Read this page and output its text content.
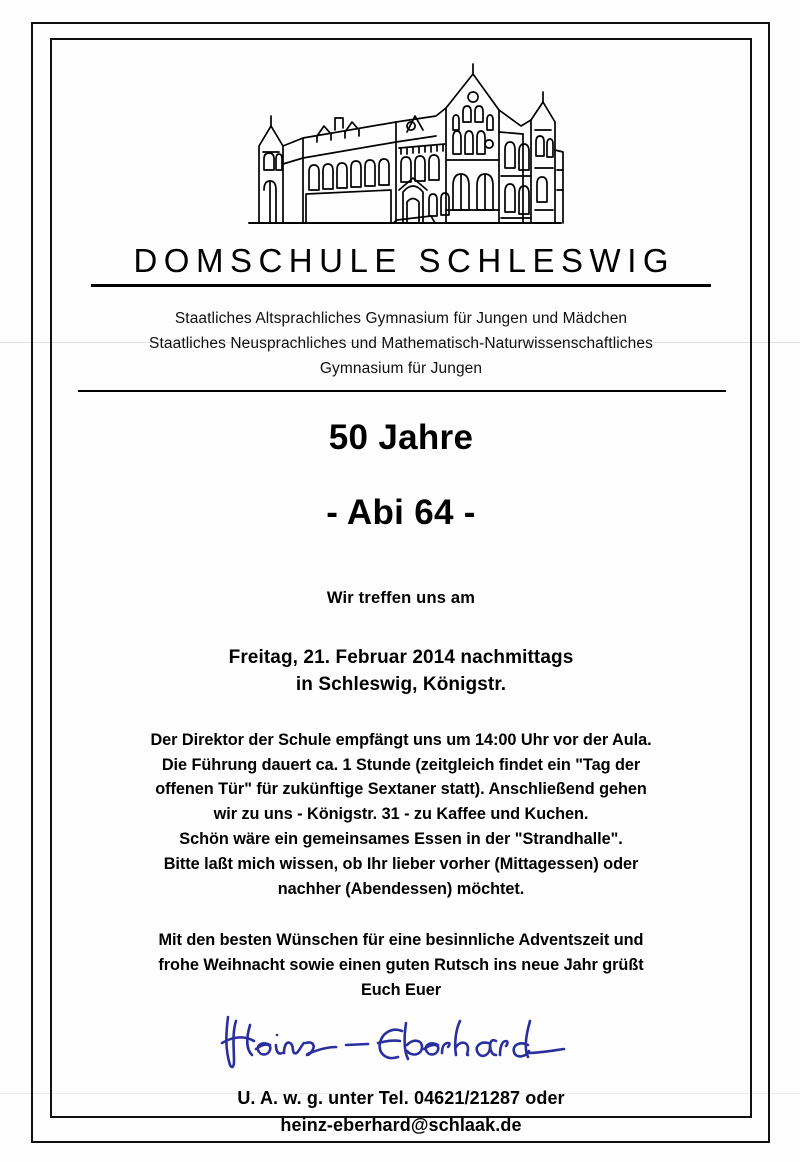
DOMSCHULE SCHLESWIG
Staatliches Altsprachliches Gymnasium für Jungen und Mädchen
Staatliches Neusprachliches und Mathematisch-Naturwissenschaftliches
Gymnasium für Jungen
50 Jahre
- Abi 64 -
Wir treffen uns am
Freitag, 21. Februar 2014 nachmittags
in Schleswig, Königstr.
Der Direktor der Schule empfängt uns um 14:00 Uhr vor der Aula.
Die Führung dauert ca. 1 Stunde (zeitgleich findet ein "Tag der
offenen Tür" für zukünftige Sextaner statt). Anschließend gehen
wir zu uns - Königstr. 31 - zu Kaffee und Kuchen.
Schön wäre ein gemeinsames Essen in der "Strandhalle".
Bitte laßt mich wissen, ob Ihr lieber vorher (Mittagessen) oder
nachher (Abendessen) möchtet.
Mit den besten Wünschen für eine besinnliche Adventszeit und
frohe Weihnacht sowie einen guten Rutsch ins neue Jahr grüßt
Euch Euer
U. A. w. g. unter Tel. 04621/21287 oder
heinz-eberhard@schlaak.de
